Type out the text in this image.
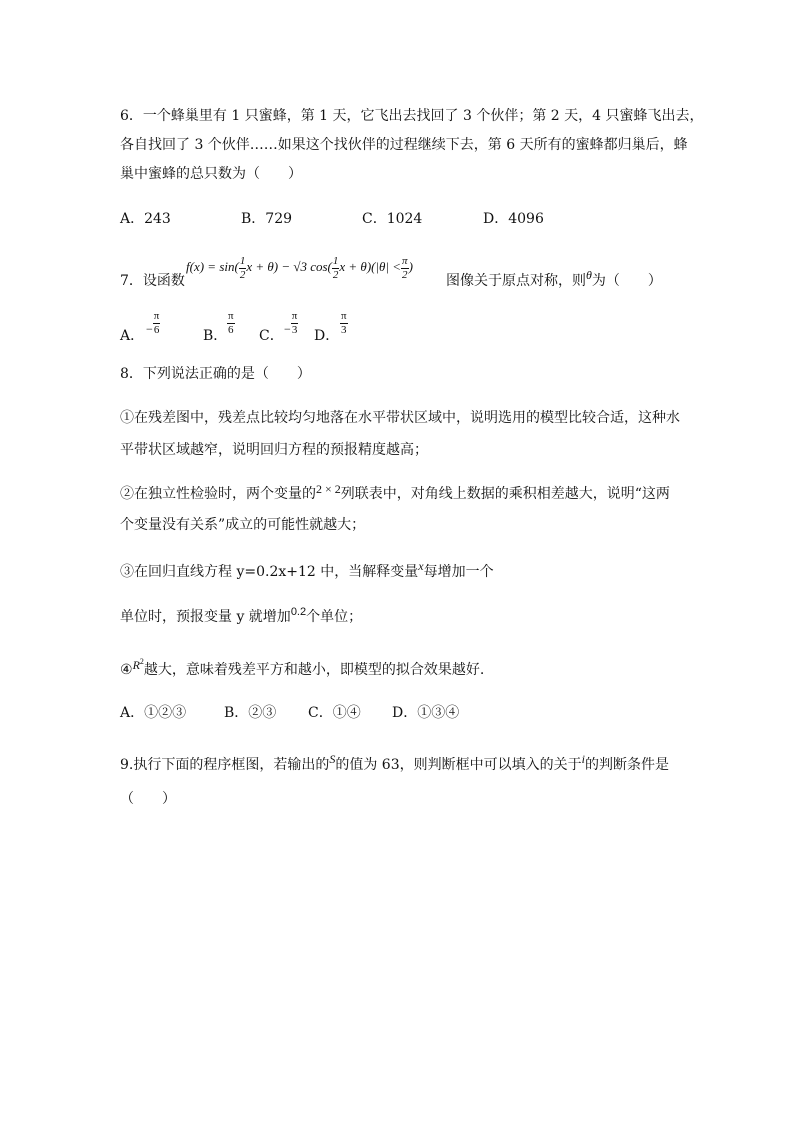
6．一个蜂巢里有 1 只蜜蜂，第 1 天，它飞出去找回了 3 个伙伴；第 2 天，4 只蜜蜂飞出去，
各自找回了 3 个伙伴……如果这个找伙伴的过程继续下去，第 6 天所有的蜜蜂都归巢后，蜂
巢中蜜蜂的总只数为（　　）
A．243	B．729	C．1024	D．4096
7．设函数
$f(x) = \sin( \frac{1}{2}$ x + θ) − √3 $\cos( \frac{1}{2}$ $x + \theta)(|\theta| < \frac{\pi}{2}$ )
图像关于原点对称，则θ为（　　）
A． − $\frac{\pi}{6}$	B． $\frac{\pi}{6}$ C． − $\frac{\pi}{3}$ D． $\frac{\pi}{3}$
8．下列说法正确的是（　　）
①在残差图中，残差点比较均匀地落在水平带状区域中，说明选用的模型比较合适，这种水
平带状区域越窄，说明回归方程的预报精度越高；
②在独立性检验时，两个变量的2 × 2列联表中，对角线上数据的乘积相差越大，说明“这两
个变量没有关系”成立的可能性就越大；
③在回归直线方程 y=0.2x+12 中，当解释变量x每增加一个
单位时，预报变量 y 就增加$^{0.2}$个单位；
$④R^2$越大，意味着残差平方和越小，即模型的拟合效果越好.
A．①②③	B．②③ C．①④ D．①③④
9.执行下面的程序框图，若输出的S的值为 63，则判断框中可以填入的关于i的判断条件是
（　　）
